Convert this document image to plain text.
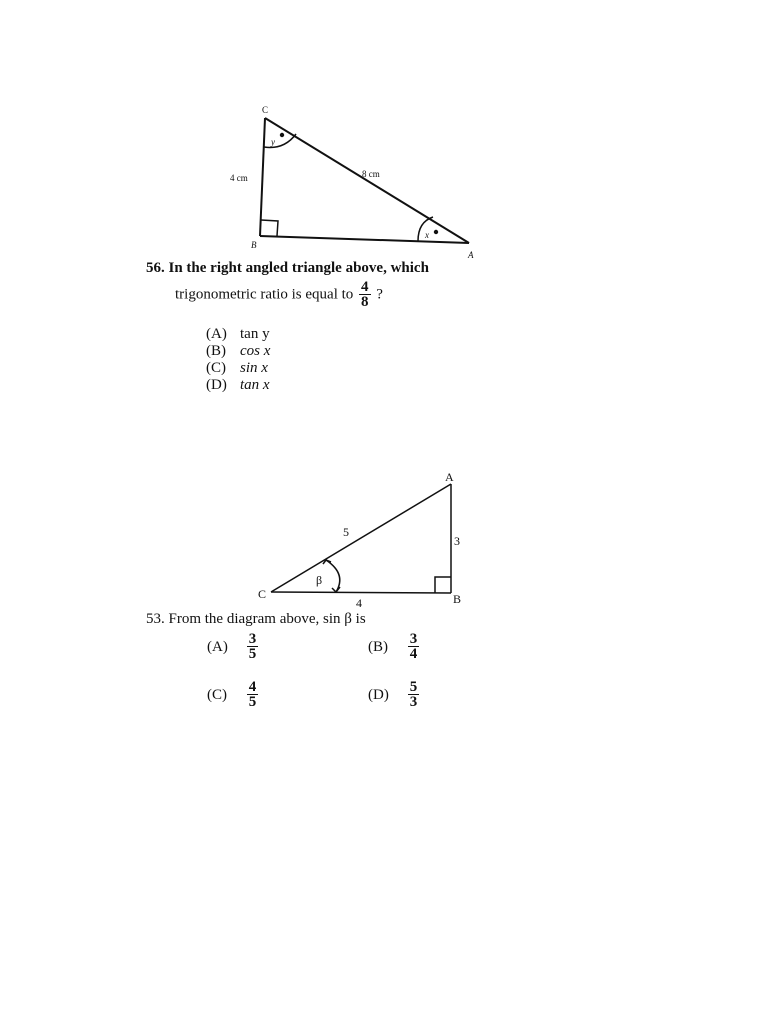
C
B
A
4 cm	8 cm
y
x
56. In the right angled triangle above, which
trigonometric ratio is equal to $\frac{4}{8}$ ?
(A) tan y
(B) cos x
(C) sin x
(D) tan x
A
B
C
5
3
4
β
53. From the diagram above, sin β is
$(A) \frac{3}{5}$	$(B) \frac{3}{4}$
$(C) \frac{4}{5}$	$(D) \frac{5}{3}$
